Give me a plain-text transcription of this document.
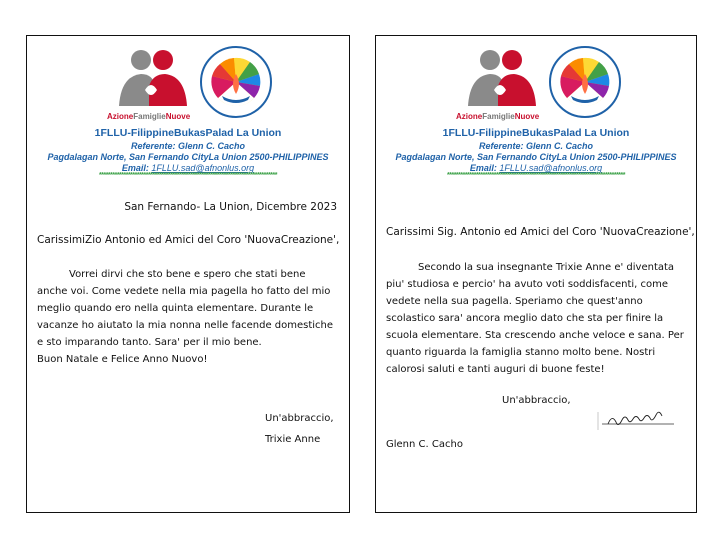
AzioneFamiglieNuove
1FLLU-FilippineBukasPalad La Union
Referente: Glenn C. Cacho
Pagdalagan Norte, San Fernando CityLa Union 2500-PHILIPPINES
Email: 1FLLU.sad@afnonlus.org
********************************************************************************
San Fernando- La Union, Dicembre 2023
CarissimiZio Antonio ed Amici del Coro 'NuovaCreazione',

Vorrei dirvi che sto bene e spero che stati bene anche voi. Come vedete nella mia pagella ho fatto del mio meglio quando ero nella quinta elementare. Durante le vacanze ho aiutato la mia nonna nelle facende domestiche e sto imparando tanto. Sara' per il mio bene.

Buon Natale e Felice Anno Nuovo!

Un'abbraccio,
Trixie Anne
AzioneFamiglieNuove
1FLLU-FilippineBukasPalad La Union
Referente: Glenn C. Cacho
Pagdalagan Norte, San Fernando CityLa Union 2500-PHILIPPINES
Email: 1FLLU.sad@afnonlus.org
********************************************************************************
Carissimi Sig. Antonio ed Amici del Coro 'NuovaCreazione',
Secondo la sua insegnante Trixie Anne e' diventata piu' studiosa e percio' ha avuto voti soddisfacenti, come vedete nella sua pagella. Speriamo che quest'anno scolastico sara' ancora meglio dato che sta per finire la scuola elementare. Sta crescendo anche veloce e sana. Per quanto riguarda la famiglia stanno molto bene. Nostri calorosi saluti e tanti auguri di buone feste!
Un'abbraccio,
Glenn C. Cacho
